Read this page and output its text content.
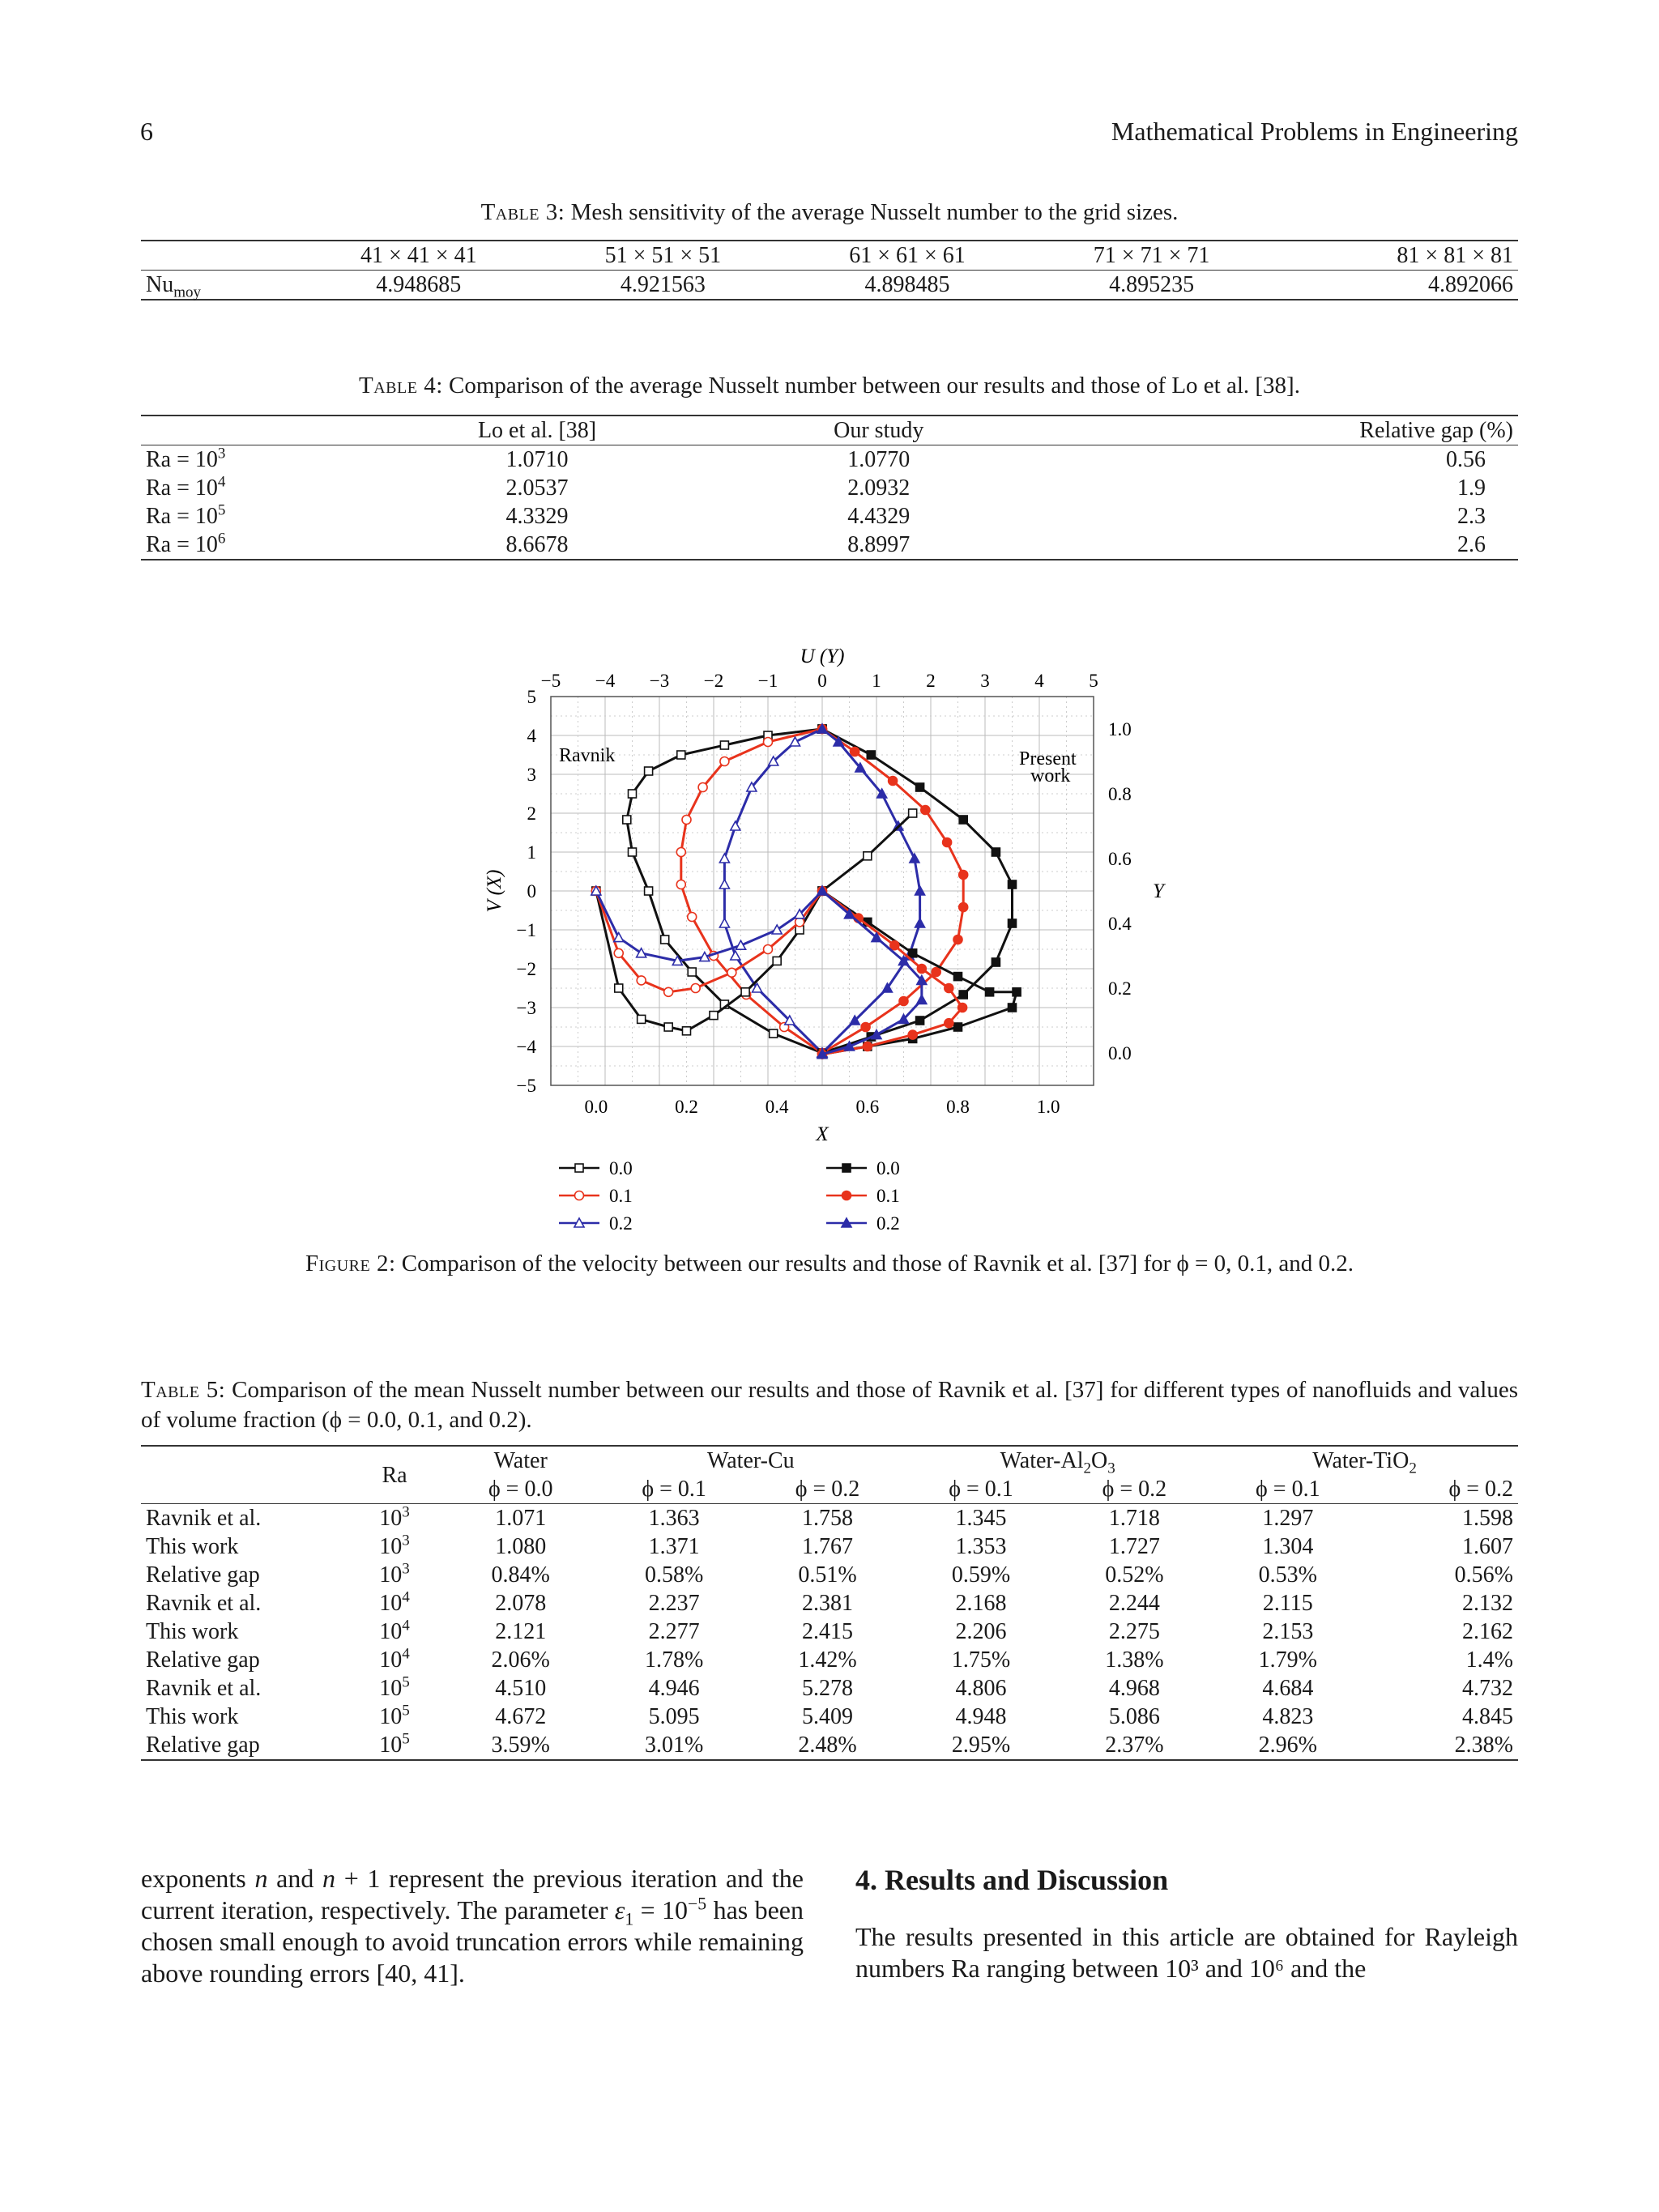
6	Mathematical Problems in Engineering
Table 3: Mesh sensitivity of the average Nusselt number to the grid sizes.
	41 × 41 × 41	51 × 51 × 51	61 × 61 × 61	71 × 71 × 71	81 × 81 × 81
$Nu_{moy}$	4.948685	4.921563	4.898485	4.895235	4.892066
Table 4: Comparison of the average Nusselt number between our results and those of Lo et al. [38].
	Lo et al. [38]	Our study	Relative gap (%)
$Ra = 10^3$	1.0710	1.0770	0.56
$Ra = 10^4$	2.0537	2.0932	1.9
$Ra = 10^5$	4.3329	4.4329	2.3
$Ra = 10^6$	8.6678	8.8997	2.6
−5 −4 −3 −2 −1 0 1 2 3 4 5
5
4
3
2
1
0
−1
−2
−3
−4
−5
0.0	0.2	0.4	0.6	0.8	1.0
1.0
0.8
0.6
0.4
0.2
0.0
U (Y)
X
V (X)	Y
Ravnik	Present
work
0.0
0.1
0.2
0.0
0.1
0.2
Figure 2: Comparison of the velocity between our results and those of Ravnik et al. [37] for ϕ = 0, 0.1, and 0.2.
Table 5: Comparison of the mean Nusselt number between our results and those of Ravnik et al. [37] for different types of nanofluids and values of volume fraction (ϕ = 0.0, 0.1, and 0.2).
	Ra	Water	Water-Cu		Water-$Al_2O_3$		Water-TiO$_2$
		ϕ = 0.0	ϕ = 0.1	ϕ = 0.2	ϕ = 0.1	ϕ = 0.2	ϕ = 0.1	ϕ = 0.2
Ravnik et al.	$10^3$	1.071	1.363	1.758	1.345	1.718	1.297	1.598
This work	$10^3$	1.080	1.371	1.767	1.353	1.727	1.304	1.607
Relative gap	$10^3$	0.84%	0.58%	0.51%	0.59%	0.52%	0.53%	0.56%
Ravnik et al.	$10^4$	2.078	2.237	2.381	2.168	2.244	2.115	2.132
This work	$10^4$	2.121	2.277	2.415	2.206	2.275	2.153	2.162
Relative gap	$10^4$	2.06%	1.78%	1.42%	1.75%	1.38%	1.79%	1.4%
Ravnik et al.	$10^5$	4.510	4.946	5.278	4.806	4.968	4.684	4.732
This work	$10^5$	4.672	5.095	5.409	4.948	5.086	4.823	4.845
Relative gap	$10^5$	3.59%	3.01%	2.48%	2.95%	2.37%	2.96%	2.38%
exponents n and n + 1 represent the previous iteration and the current iteration, respectively. The parameter $\varepsilon_1 = 10^{-5}$ has been chosen small enough to avoid truncation errors while remaining above rounding errors [40, 41].
4. Results and Discussion
The results presented in this article are obtained for Rayleigh numbers Ra ranging between 10³ and 10⁶ and the
